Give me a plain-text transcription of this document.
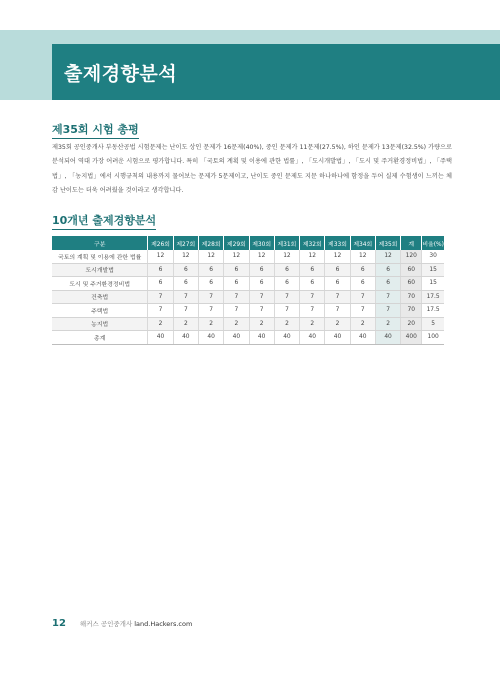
출제경향분석
제35회 시험 총평

제35회 공인중개사 부동산공법 시험문제는 난이도 상인 문제가 16문제(40%), 중인 문제가 11문제(27.5%), 하인 문제가 13문제(32.5%) 가량으로 분석되어 역대 가장 어려운 시험으로 평가합니다. 특히 「국토의 계획 및 이용에 관한 법률」, 「도시개발법」, 「도시 및 주거환경정비법」, 「주택법」, 「농지법」에서 시행규칙의 내용까지 물어보는 문제가 5문제이고, 난이도 중인 문제도 지문 하나하나에 함정을 두어 실제 수험생이 느끼는 체감 난이도는 더욱 어려웠을 것이라고 생각합니다.

10개년 출제경향분석
구분	제26회	제27회	제28회	제29회	제30회	제31회	제32회	제33회	제34회	제35회	계	비율(%)
국토의 계획 및 이용에 관한 법률	12	12	12	12	12	12	12	12	12	12	120	30
도시개발법	6	6	6	6	6	6	6	6	6	6	60	15
도시 및 주거환경정비법	6	6	6	6	6	6	6	6	6	6	60	15
건축법	7	7	7	7	7	7	7	7	7	7	70	17.5
주택법	7	7	7	7	7	7	7	7	7	7	70	17.5
농지법	2	2	2	2	2	2	2	2	2	2	20	5
총계	40	40	40	40	40	40	40	40	40	40	400	100
12 해커스 공인중개사 land.Hackers.com
